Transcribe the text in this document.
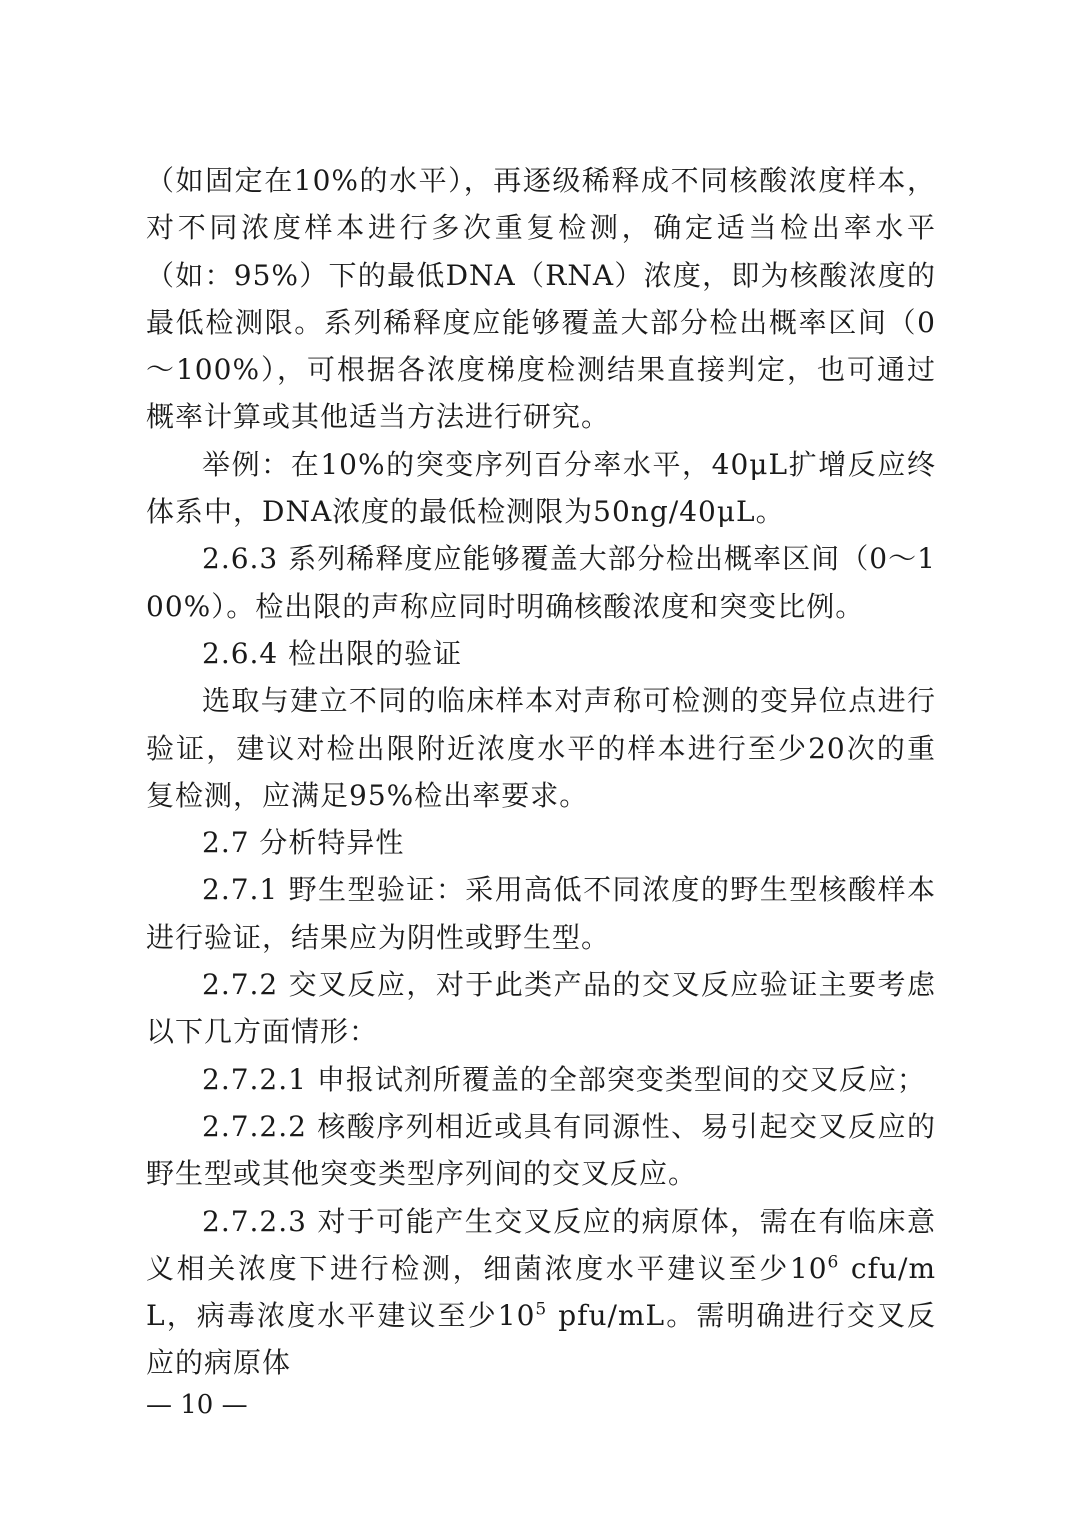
（如固定在10%的水平），再逐级稀释成不同核酸浓度样本，对不同浓度样本进行多次重复检测，确定适当检出率水平（如：95%）下的最低DNA（RNA）浓度，即为核酸浓度的最低检测限。系列稀释度应能够覆盖大部分检出概率区间（0～100%），可根据各浓度梯度检测结果直接判定，也可通过概率计算或其他适当方法进行研究。

举例：在10%的突变序列百分率水平，40μL扩增反应终体系中，DNA浓度的最低检测限为50ng/40μL。

2.6.3 系列稀释度应能够覆盖大部分检出概率区间（0～100%）。检出限的声称应同时明确核酸浓度和突变比例。

2.6.4 检出限的验证

选取与建立不同的临床样本对声称可检测的变异位点进行验证，建议对检出限附近浓度水平的样本进行至少20次的重复检测，应满足95%检出率要求。

2.7 分析特异性

2.7.1 野生型验证：采用高低不同浓度的野生型核酸样本进行验证，结果应为阴性或野生型。

2.7.2 交叉反应，对于此类产品的交叉反应验证主要考虑以下几方面情形：

2.7.2.1 申报试剂所覆盖的全部突变类型间的交叉反应；

2.7.2.2 核酸序列相近或具有同源性、易引起交叉反应的野生型或其他突变类型序列间的交叉反应。

2.7.2.3 对于可能产生交叉反应的病原体，需在有临床意义相关浓度下进行检测，细菌浓度水平建议至少$10^6$ cfu/mL，病毒浓度水平建议至少$10^5$ pfu/mL。需明确进行交叉反应的病原体

— 10 —
